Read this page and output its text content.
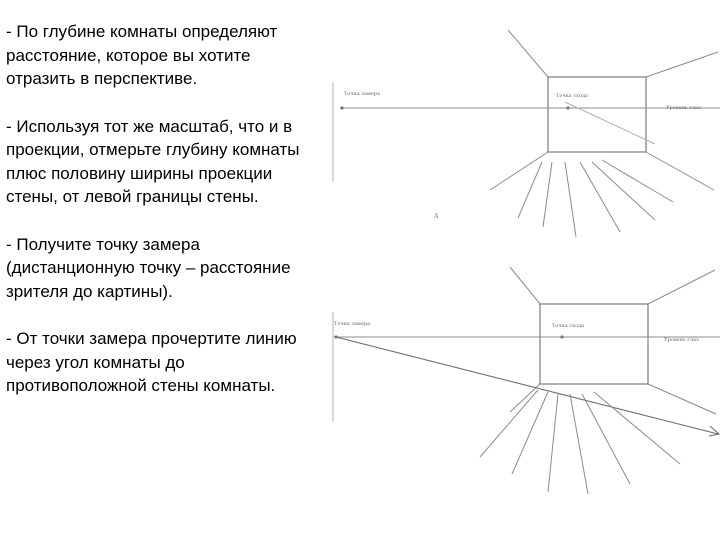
- По глубине комнаты определяют расстояние, которое вы хотите отразить в перспективе.

- Используя тот же масштаб, что и в проекции, отмерьте глубину комнаты плюс половину ширины проекции стены, от левой границы стены.

- Получите точку замера (дистанционную точку – расстояние зрителя до картины).

- От точки замера прочертите линию через угол комнаты до противоположной стены комнаты.

Точка замера	Точка схода
Уровень глаз
А
Точка замера	Точка схода
Уровень глаз
